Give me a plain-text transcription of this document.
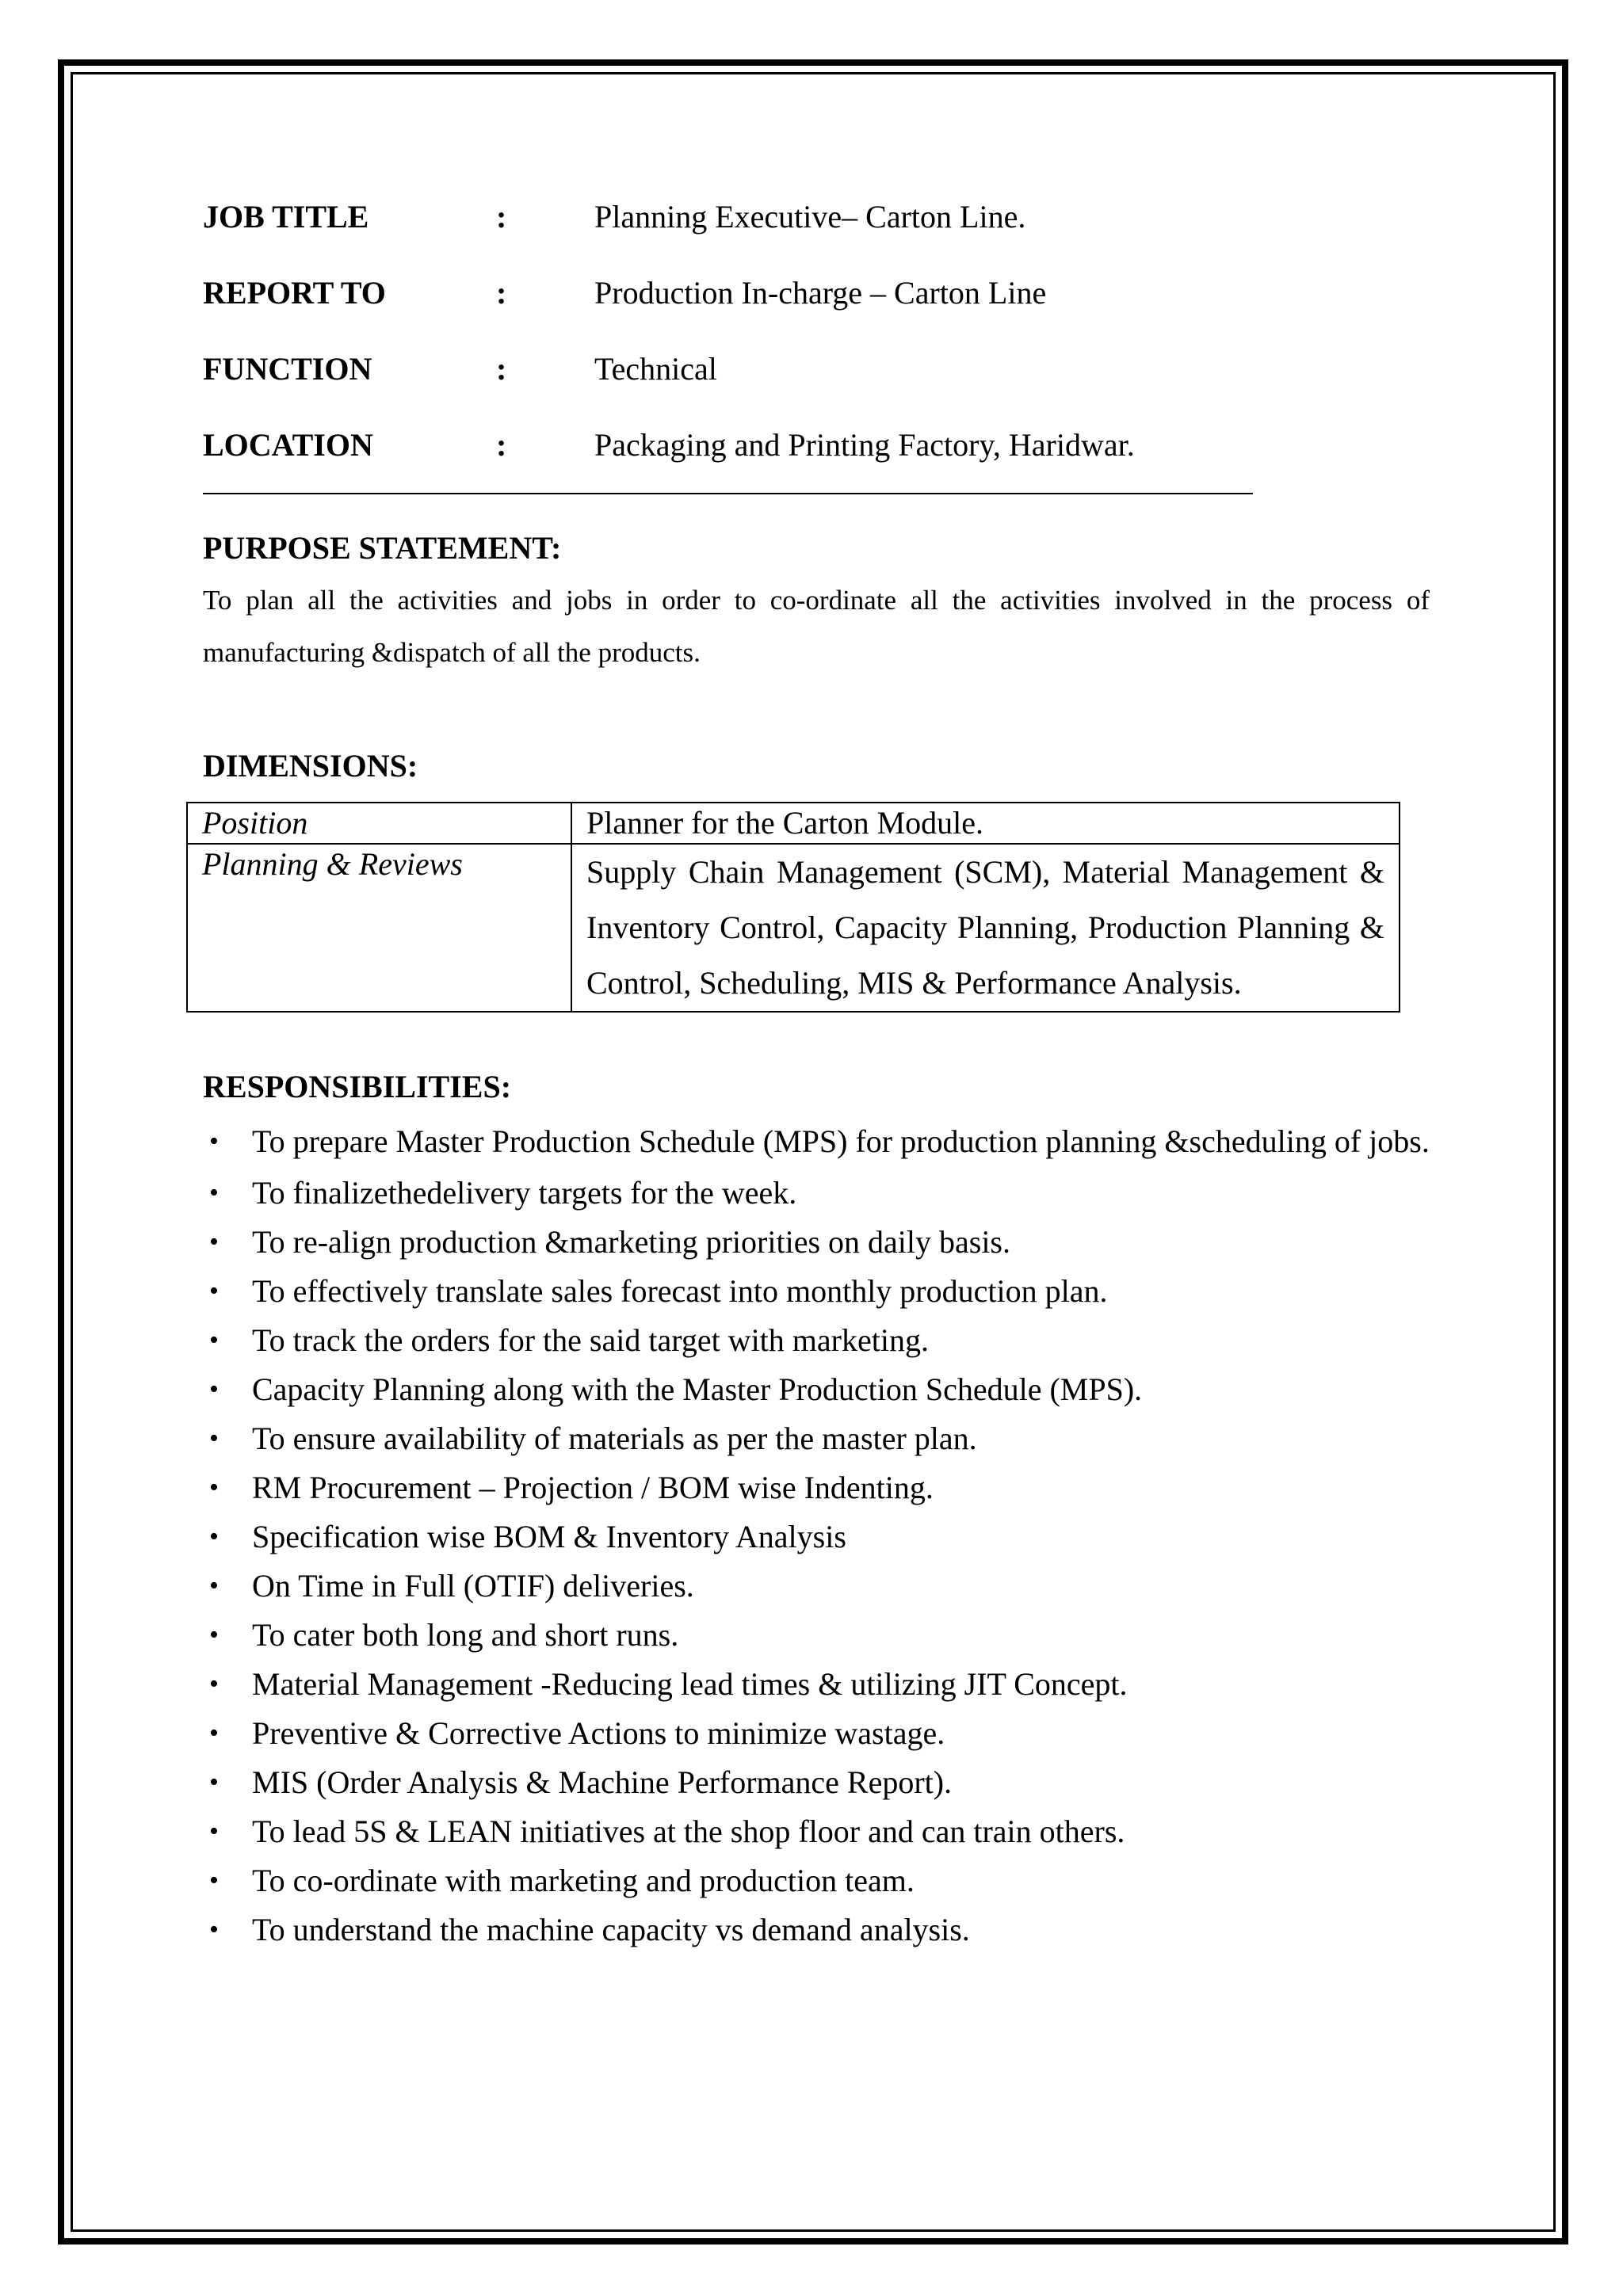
JOB TITLE	:	Planning Executive– Carton Line.
REPORT TO	:	Production In-charge – Carton Line
FUNCTION	:	Technical
LOCATION	:	Packaging and Printing Factory, Haridwar.
PURPOSE STATEMENT:

To plan all the activities and jobs in order to co-ordinate all the activities involved in the process of manufacturing &dispatch of all the products.

DIMENSIONS:
Position	Planner for the Carton Module.
Planning & Reviews	Supply Chain Management (SCM), Material Management & Inventory Control, Capacity Planning, Production Planning & Control, Scheduling, MIS & Performance Analysis.
RESPONSIBILITIES:
• To prepare Master Production Schedule (MPS) for production planning &scheduling of jobs.
• To finalizethedelivery targets for the week.
• To re-align production &marketing priorities on daily basis.
• To effectively translate sales forecast into monthly production plan.
• To track the orders for the said target with marketing.
• Capacity Planning along with the Master Production Schedule (MPS).
• To ensure availability of materials as per the master plan.
• RM Procurement – Projection / BOM wise Indenting.
• Specification wise BOM & Inventory Analysis
• On Time in Full (OTIF) deliveries.
• To cater both long and short runs.
• Material Management -Reducing lead times & utilizing JIT Concept.
• Preventive & Corrective Actions to minimize wastage.
• MIS (Order Analysis & Machine Performance Report).
• To lead 5S & LEAN initiatives at the shop floor and can train others.
• To co-ordinate with marketing and production team.
• To understand the machine capacity vs demand analysis.
